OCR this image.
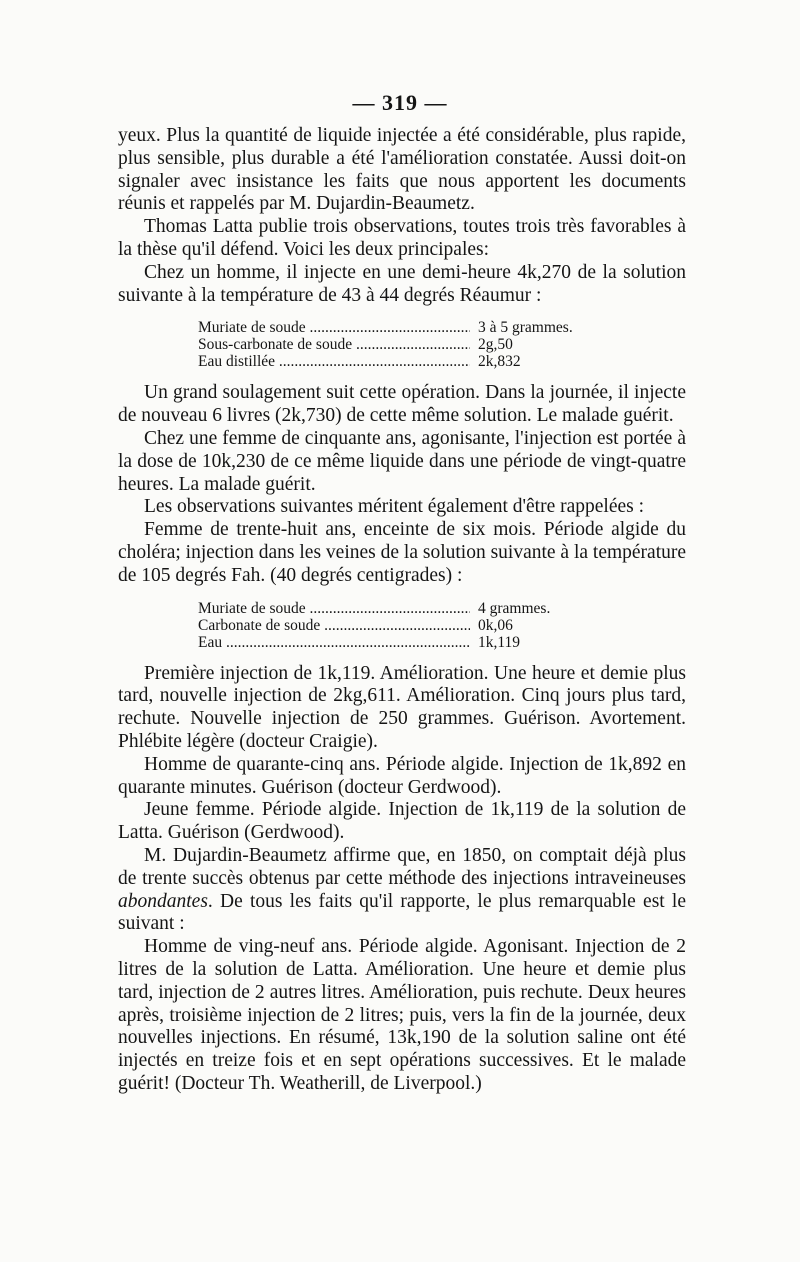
— 319 —

yeux. Plus la quantité de liquide injectée a été considérable, plus rapide, plus sensible, plus durable a été l'amélioration constatée. Aussi doit-on signaler avec insistance les faits que nous apportent les documents réunis et rappelés par M. Dujardin-Beaumetz.

Thomas Latta publie trois observations, toutes trois très favorables à la thèse qu'il défend. Voici les deux principales:

Chez un homme, il injecte en une demi-heure 4k,270 de la solution suivante à la température de 43 à 44 degrés Réaumur :

Muriate de soude .....	3 à 5 grammes.
Sous-carbonate de soude .....	2g,50
Eau distillée .....	2k,832

Un grand soulagement suit cette opération. Dans la journée, il injecte de nouveau 6 livres (2k,730) de cette même solution. Le malade guérit.

Chez une femme de cinquante ans, agonisante, l'injection est portée à la dose de 10k,230 de ce même liquide dans une période de vingt-quatre heures. La malade guérit.

Les observations suivantes méritent également d'être rappelées :

Femme de trente-huit ans, enceinte de six mois. Période algide du choléra; injection dans les veines de la solution suivante à la température de 105 degrés Fah. (40 degrés centigrades) :

Muriate de soude .....	4 grammes.
Carbonate de soude .....	0k,06
Eau .....	1k,119

Première injection de 1k,119. Amélioration. Une heure et demie plus tard, nouvelle injection de 2kg,611. Amélioration. Cinq jours plus tard, rechute. Nouvelle injection de 250 grammes. Guérison. Avortement. Phlébite légère (docteur Craigie).

Homme de quarante-cinq ans. Période algide. Injection de 1k,892 en quarante minutes. Guérison (docteur Gerdwood).

Jeune femme. Période algide. Injection de 1k,119 de la solution de Latta. Guérison (Gerdwood).

M. Dujardin-Beaumetz affirme que, en 1850, on comptait déjà plus de trente succès obtenus par cette méthode des injections intraveineuses abondantes. De tous les faits qu'il rapporte, le plus remarquable est le suivant :

Homme de ving-neuf ans. Période algide. Agonisant. Injection de 2 litres de la solution de Latta. Amélioration. Une heure et demie plus tard, injection de 2 autres litres. Amélioration, puis rechute. Deux heures après, troisième injection de 2 litres; puis, vers la fin de la journée, deux nouvelles injections. En résumé, 13k,190 de la solution saline ont été injectés en treize fois et en sept opérations successives. Et le malade guérit! (Docteur Th. Weatherill, de Liverpool.)
